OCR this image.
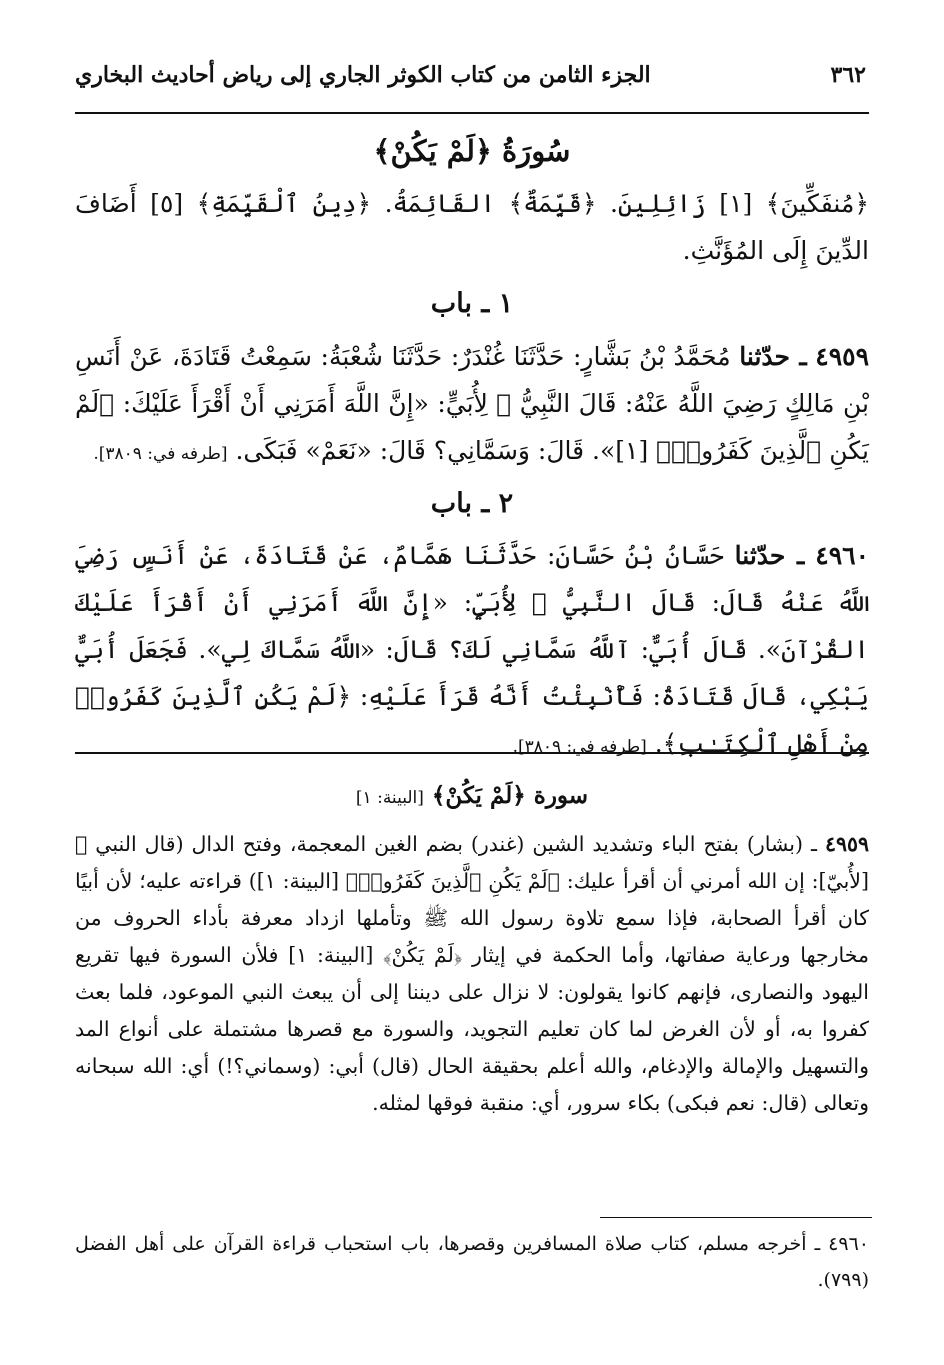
٣٦٢
الجزء الثامن من كتاب الكوثر الجاري إلى رياض أحاديث البخاري
سُورَةُ ﴿لَمْ يَكُنْ﴾
﴿مُنفَكِّينَ﴾ [١] زَائِلِينَ. ﴿قَيِّمَةٌ﴾ القَائِمَةُ. ﴿دِينُ ٱلْقَيِّمَةِ﴾ [٥] أَضَافَ الدِّينَ إِلَى المُؤَنَّثِ.
١ ـ باب
٤٩٥٩ ـ حدّثنا مُحَمَّدُ بْنُ بَشَّارٍ: حَدَّثَنَا غُنْدَرٌ: حَدَّثَنَا شُعْبَةُ: سَمِعْتُ قَتَادَةَ، عَنْ أَنَسِ بْنِ مَالِكٍ رَضِيَ اللَّهُ عَنْهُ: قَالَ النَّبِيُّ ﷺ لِأُبَيٍّ: «إِنَّ اللَّهَ أَمَرَنِي أَنْ أَقْرَأَ عَلَيْكَ: ﴿لَمْ يَكُنِ ٱلَّذِينَ كَفَرُوا۟﴾ [١]». قَالَ: وَسَمَّانِي؟ قَالَ: «نَعَمْ» فَبَكَى. [طرفه في: ٣٨٠٩].
٢ ـ باب
٤٩٦٠ ـ حدّثنا حَسَّانُ بْنُ حَسَّانَ: حَدَّثَنَا هَمَّامٌ، عَنْ قَتَادَةَ، عَنْ أَنَسٍ رَضِيَ اللَّهُ عَنْهُ قَالَ: قَالَ النَّبِيُّ ﷺ لِأُبَيٍّ: «إِنَّ اللَّهَ أَمَرَنِي أَنْ أَقْرَأَ عَلَيْكَ القُرْآنَ». قَالَ أُبَيٌّ: آللَّهُ سَمَّانِي لَكَ؟ قَالَ: «اللَّهُ سَمَّاكَ لِي». فَجَعَلَ أُبَيٌّ يَبْكِي، قَالَ قَتَادَةُ: فَأُنْبِئْتُ أَنَّهُ قَرَأَ عَلَيْهِ: ﴿لَمْ يَكُنِ ٱلَّذِينَ كَفَرُوا۟ مِنْ أَهْلِ ٱلْكِتَـٰبِ﴾. [طرفه في: ٣٨٠٩].
سورة ﴿لَمْ يَكُنْ﴾ [البينة: ١]
٤٩٥٩ ـ (بشار) بفتح الباء وتشديد الشين (غندر) بضم الغين المعجمة، وفتح الدال (قال النبي ﷺ [لأُبيّ]: إن الله أمرني أن أقرأ عليك: ﴿لَمْ يَكُنِ ٱلَّذِينَ كَفَرُوا۟﴾ [البينة: ١]) قراءته عليه؛ لأن أبيًا كان أقرأ الصحابة، فإذا سمع تلاوة رسول الله ﷺ وتأملها ازداد معرفة بأداء الحروف من مخارجها ورعاية صفاتها، وأما الحكمة في إيثار ﴿لَمْ يَكُنْ﴾ [البينة: ١] فلأن السورة فيها تقريع اليهود والنصارى، فإنهم كانوا يقولون: لا نزال على ديننا إلى أن يبعث النبي الموعود، فلما بعث كفروا به، أو لأن الغرض لما كان تعليم التجويد، والسورة مع قصرها مشتملة على أنواع المد والتسهيل والإمالة والإدغام، والله أعلم بحقيقة الحال (قال) أبي: (وسماني؟!) أي: الله سبحانه وتعالى (قال: نعم فبكى) بكاء سرور، أي: منقبة فوقها لمثله.
٤٩٦٠ ـ أخرجه مسلم، كتاب صلاة المسافرين وقصرها، باب استحباب قراءة القرآن على أهل الفضل (٧٩٩).
